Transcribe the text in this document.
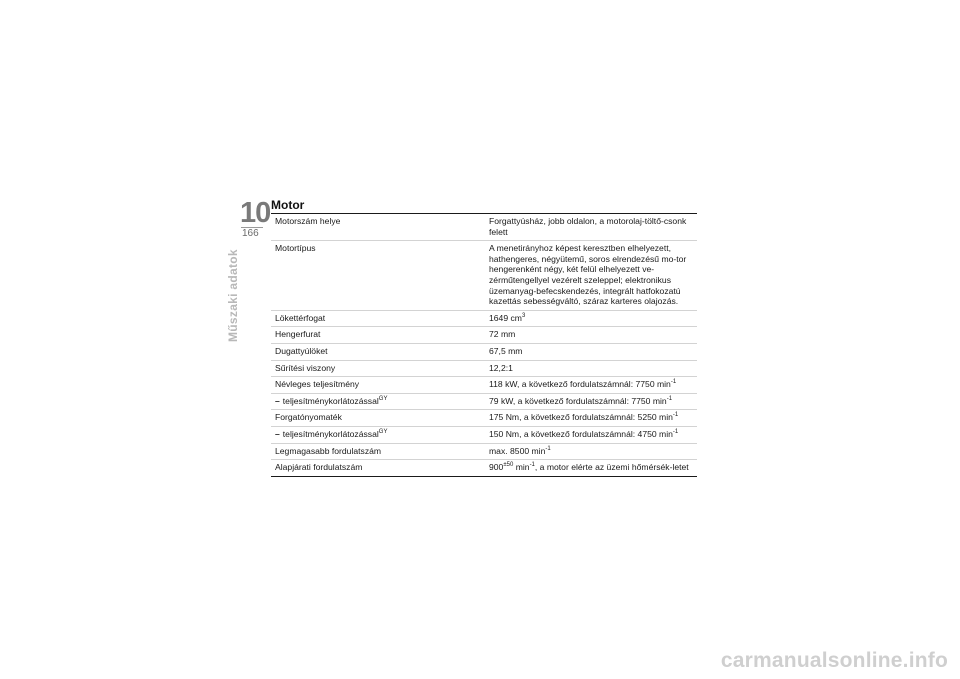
10
166
Műszaki adatok
Motor
Motorszám helye	Forgattyúsház, jobb oldalon, a motorolaj-töltő-csonk felett
Motortípus	A menetirányhoz képest keresztben elhelyezett, hathengeres, négyütemű, soros elrendezésű mo-tor hengerenként négy, két felül elhelyezett ve-zérműtengellyel vezérelt szeleppel; elektronikus üzemanyag-befecskendezés, integrált hatfokozatú kazettás sebességváltó, száraz karteres olajozás.
Lökettérfogat	1649 $cm^3$
Hengerfurat	72 mm
Dugattyúlöket	67,5 mm
Sűrítési viszony	12,2:1
Névleges teljesítmény	118 kW, a következő fordulatszámnál: 7750 $\min^{-1}$
– teljesítménykorlátozással$^{GY}$	79 kW, a következő fordulatszámnál: 7750 $\min^{-1}$
Forgatónyomaték	175 Nm, a következő fordulatszámnál: 5250 $\min^{-1}$
– teljesítménykorlátozással$^{GY}$	150 Nm, a következő fordulatszámnál: 4750 $\min^{-1}$
Legmagasabb fordulatszám	max. 8500 $\min^{-1}$
Alapjárati fordulatszám	$900^{\pm 50}$ $\min^{-1}$, a motor elérte az üzemi hőmérsék-letet
carmanualsonline.info
